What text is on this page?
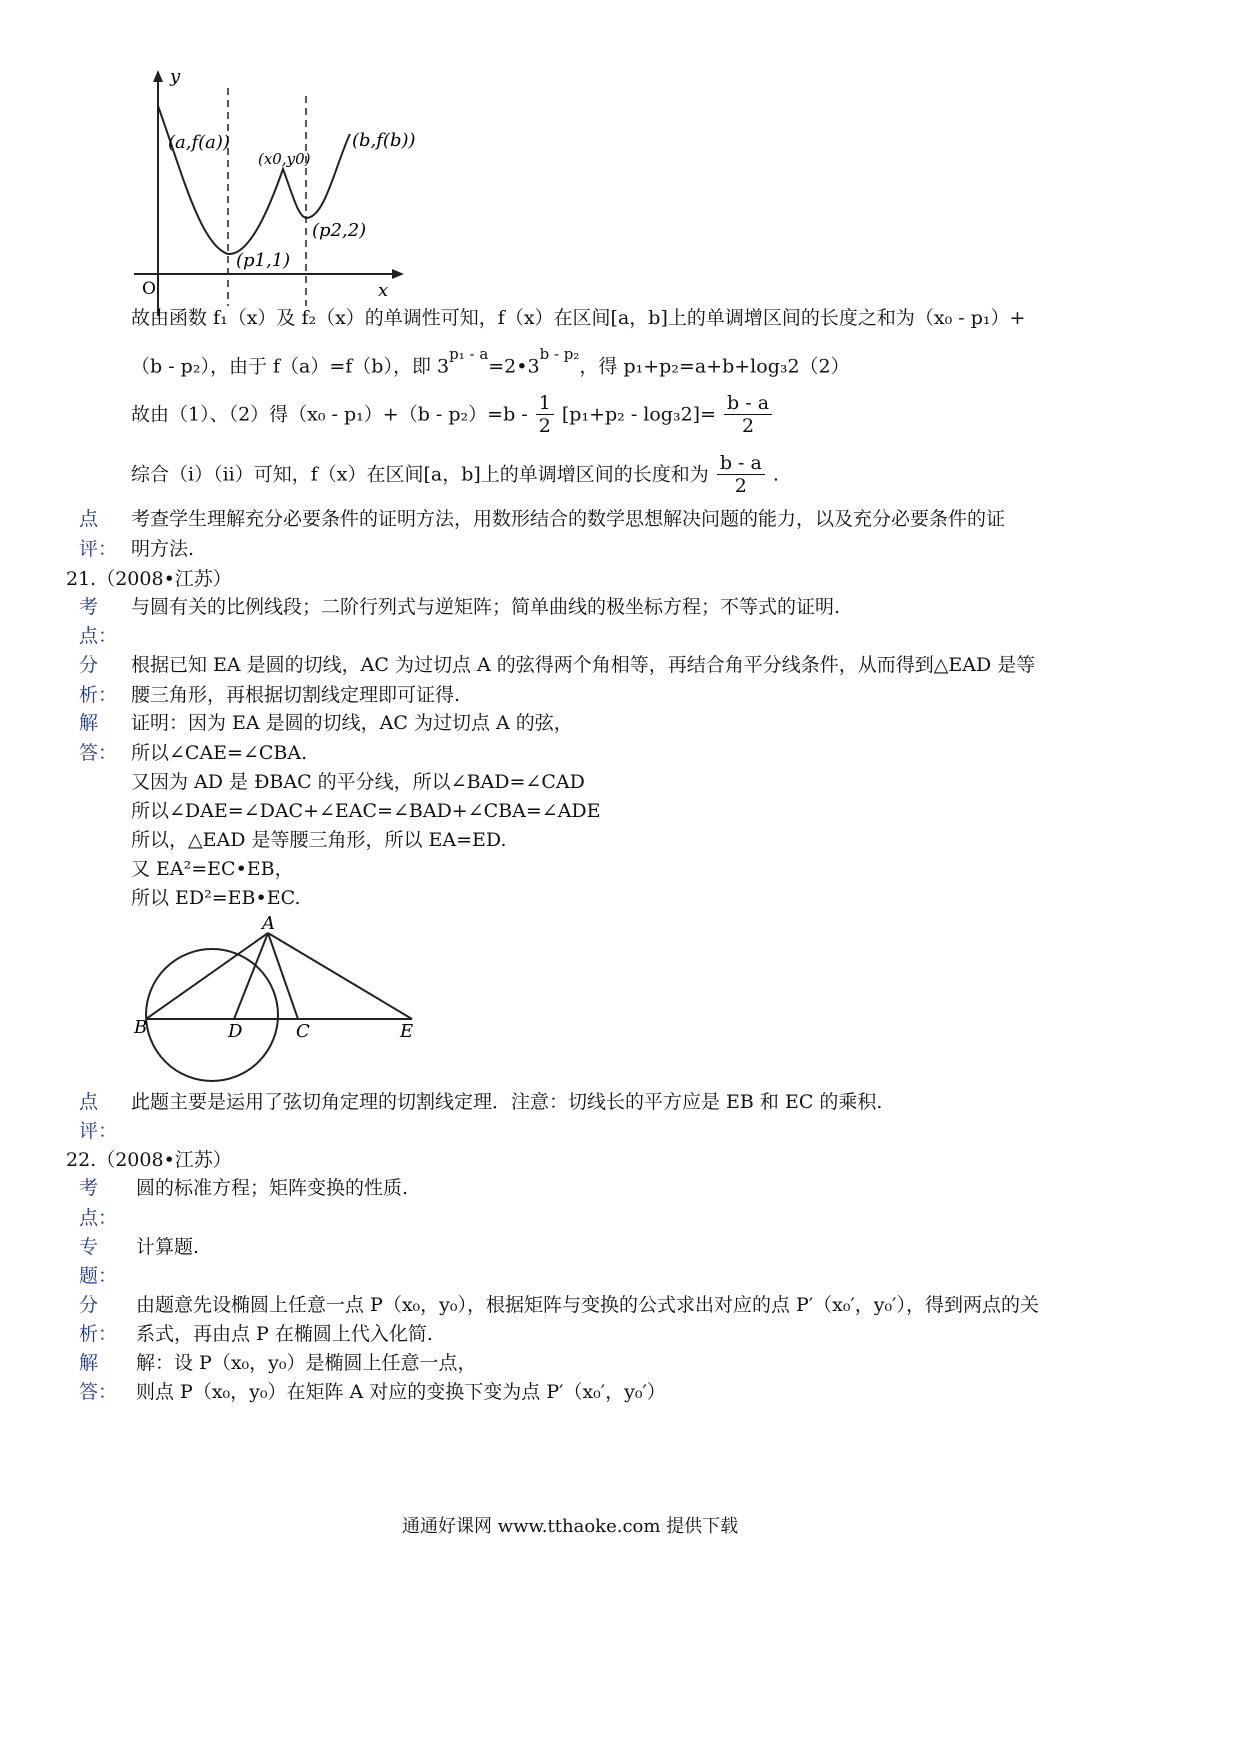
y
x
O
(a,f(a))	(b,f(b))
(x0,y0)
(p1,1)
(p2,2)
故由函数 f₁（x）及 f₂（x）的单调性可知，f（x）在区间[a，b]上的单调增区间的长度之和为（x₀ - p₁）+
（b - p₂），由于 f（a）=f（b），即 $3^{p_1 - a}=2•3^{b - p_2}$，得 p₁+p₂=a+b+log₃2（2）
故由（1）、（2）得$(x_0 - p_1)+(b - p_2)=b - \frac{1}{2} [p_1+p_2 - \log_32]= \frac{b - a}{2}$
综合（i）（ii）可知，f（x）在区间[a，b]上的单调增区间的长度和为 $\frac{b - a}{2}$ .
点
评：
考查学生理解充分必要条件的证明方法，用数形结合的数学思想解决问题的能力，以及充分必要条件的证
明方法.
21.（2008•江苏）
考
点：
与圆有关的比例线段；二阶行列式与逆矩阵；简单曲线的极坐标方程；不等式的证明.
分
析：
根据已知 EA 是圆的切线，AC 为过切点 A 的弦得两个角相等，再结合角平分线条件，从而得到△EAD 是等
腰三角形，再根据切割线定理即可证得.
解
答：
证明：因为 EA 是圆的切线，AC 为过切点 A 的弦，
所以∠CAE=∠CBA.
又因为 AD 是 ÐBAC 的平分线，所以∠BAD=∠CAD
所以∠DAE=∠DAC+∠EAC=∠BAD+∠CBA=∠ADE
所以，△EAD 是等腰三角形，所以 EA=ED.
又 EA²=EC•EB，
所以 ED²=EB•EC.
A
B	D	C	E
点
评：
此题主要是运用了弦切角定理的切割线定理．注意：切线长的平方应是 EB 和 EC 的乘积.
22.（2008•江苏）
考
点：
圆的标准方程；矩阵变换的性质.
专
题：
计算题.
分
析：
由题意先设椭圆上任意一点 P（x₀，y₀），根据矩阵与变换的公式求出对应的点 P′（x₀′，y₀′），得到两点的关
系式，再由点 P 在椭圆上代入化简.
解
答：
解：设 P（x₀，y₀）是椭圆上任意一点，
则点 P（x₀，y₀）在矩阵 A 对应的变换下变为点 P′（x₀′，y₀′）
通通好课网 www.tthaoke.com 提供下载
